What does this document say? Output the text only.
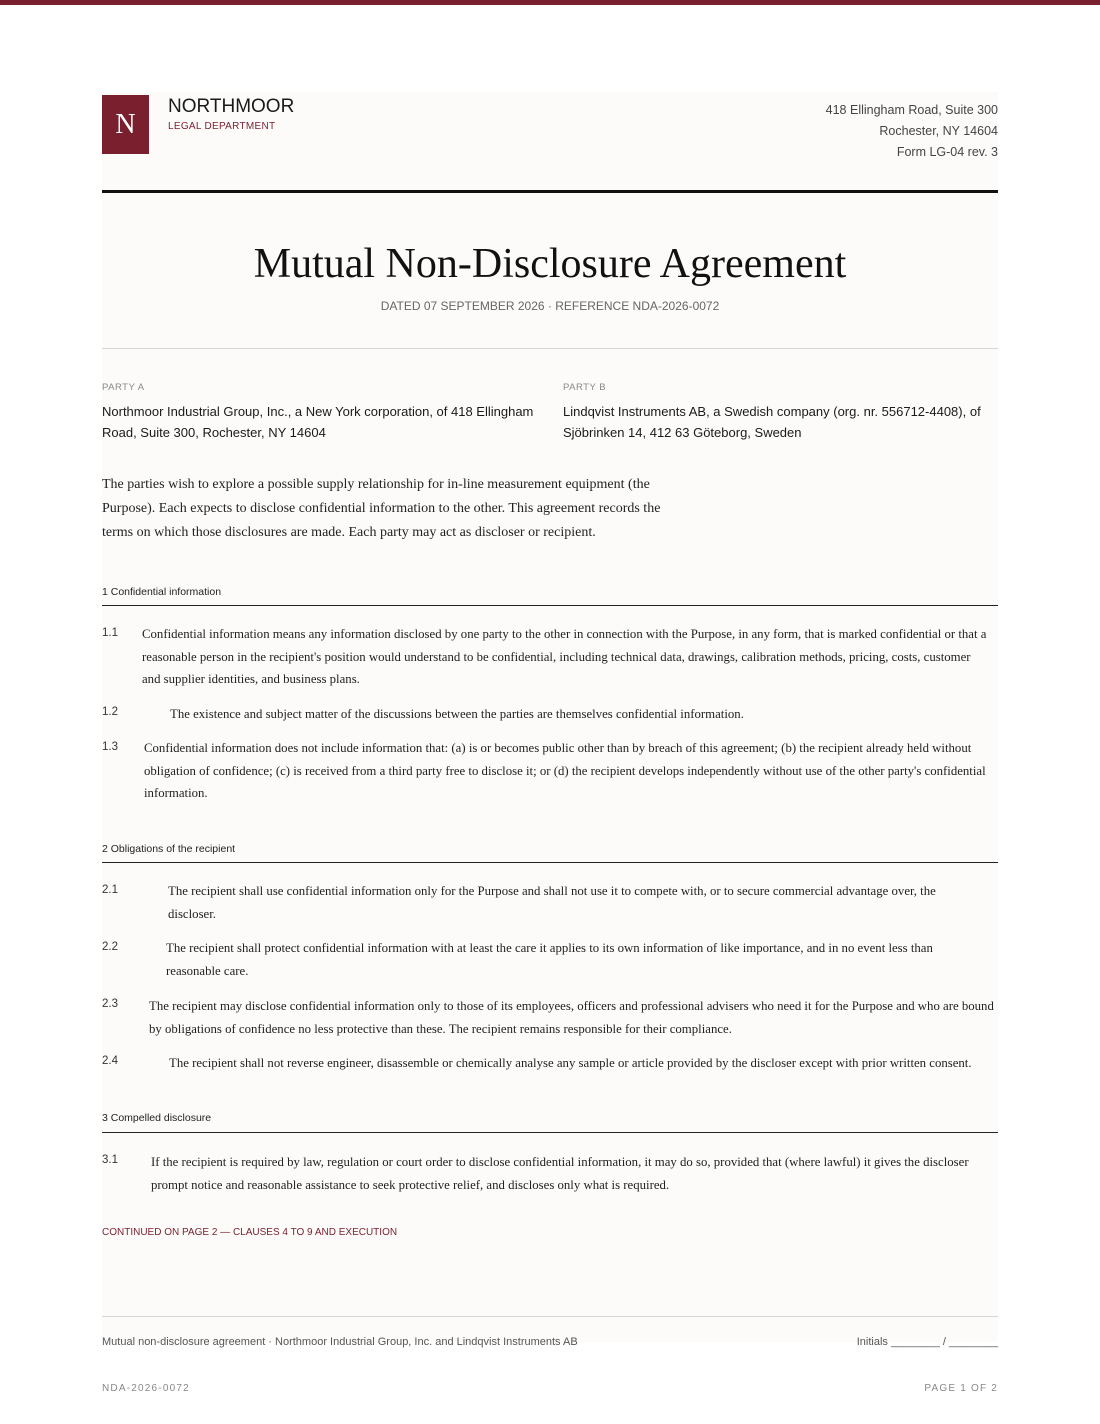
N
NORTHMOOR
LEGAL DEPARTMENT
418 Ellingham Road, Suite 300
Rochester, NY 14604
Form LG-04 rev. 3
Mutual Non-Disclosure Agreement
DATED 07 SEPTEMBER 2026 · REFERENCE NDA-2026-0072
PARTY A
Northmoor Industrial Group, Inc., a New York corporation, of 418 Ellingham Road, Suite 300, Rochester, NY 14604
PARTY B
Lindqvist Instruments AB, a Swedish company (org. nr. 556712-4408), of Sjöbrinken 14, 412 63 Göteborg, Sweden
The parties wish to explore a possible supply relationship for in-line measurement equipment (the Purpose). Each expects to disclose confidential information to the other. This agreement records the terms on which those disclosures are made. Each party may act as discloser or recipient.
1 Confidential information
1.1 Confidential information means any information disclosed by one party to the other in connection with the Purpose, in any form, that is marked confidential or that a reasonable person in the recipient's position would understand to be confidential, including technical data, drawings, calibration methods, pricing, costs, customer and supplier identities, and business plans.
1.2	The existence and subject matter of the discussions between the parties are themselves confidential information.
1.3 Confidential information does not include information that: (a) is or becomes public other than by breach of this agreement; (b) the recipient already held without obligation of confidence; (c) is received from a third party free to disclose it; or (d) the recipient develops independently without use of the other party's confidential information.
2 Obligations of the recipient
2.1	The recipient shall use confidential information only for the Purpose and shall not use it to compete with, or to secure commercial advantage over, the discloser.
2.2	The recipient shall protect confidential information with at least the care it applies to its own information of like importance, and in no event less than reasonable care.
2.3 The recipient may disclose confidential information only to those of its employees, officers and professional advisers who need it for the Purpose and who are bound by obligations of confidence no less protective than these. The recipient remains responsible for their compliance.
2.4	The recipient shall not reverse engineer, disassemble or chemically analyse any sample or article provided by the discloser except with prior written consent.
3 Compelled disclosure
3.1	If the recipient is required by law, regulation or court order to disclose confidential information, it may do so, provided that (where lawful) it gives the discloser prompt notice and reasonable assistance to seek protective relief, and discloses only what is required.
CONTINUED ON PAGE 2 — CLAUSES 4 TO 9 AND EXECUTION
Mutual non-disclosure agreement · Northmoor Industrial Group, Inc. and Lindqvist Instruments AB	Initials ________ / ________
NDA-2026-0072	PAGE 1 OF 2
